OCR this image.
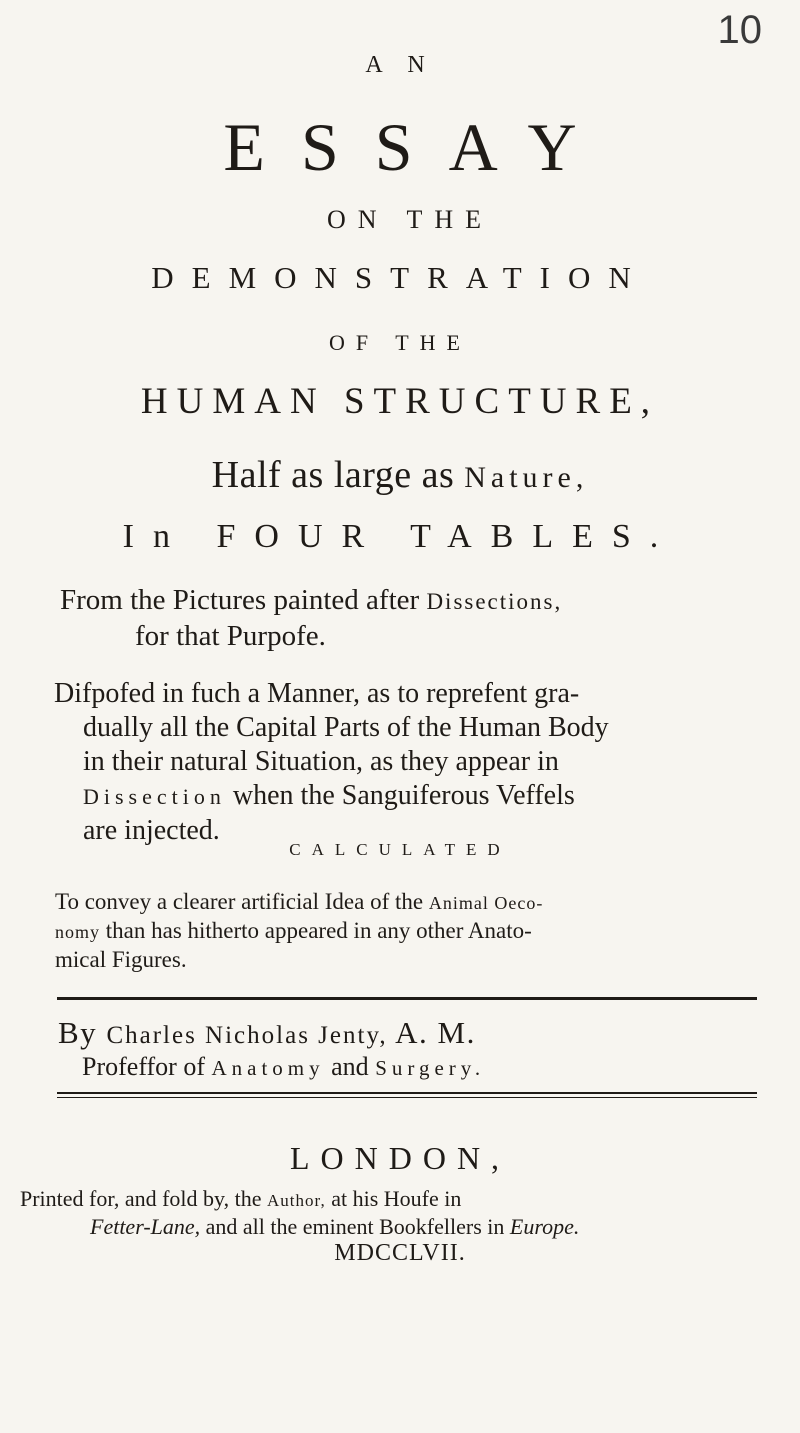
10
A N
ESSAY
ON THE
DEMONSTRATION
OF THE
HUMAN STRUCTURE,
Half as large as Nature,
In FOUR TABLES.
From the Pictures painted after Dissections,
for that Purpofe.
Difpofed in fuch a Manner, as to reprefent gra-
dually all the Capital Parts of the Human Body
in their natural Situation, as they appear in
Dissection when the Sanguiferous Veffels
are injected.
CALCULATED
To convey a clearer artificial Idea of the Animal Oeco-
nomy than has hitherto appeared in any other Anato-
mical Figures.
By Charles Nicholas Jenty, A. M.
Profeffor of Anatomy and Surgery.
LONDON,
Printed for, and fold by, the Author, at his Houfe in
Fetter-Lane, and all the eminent Bookfellers in Europe.
MDCCLVII.
